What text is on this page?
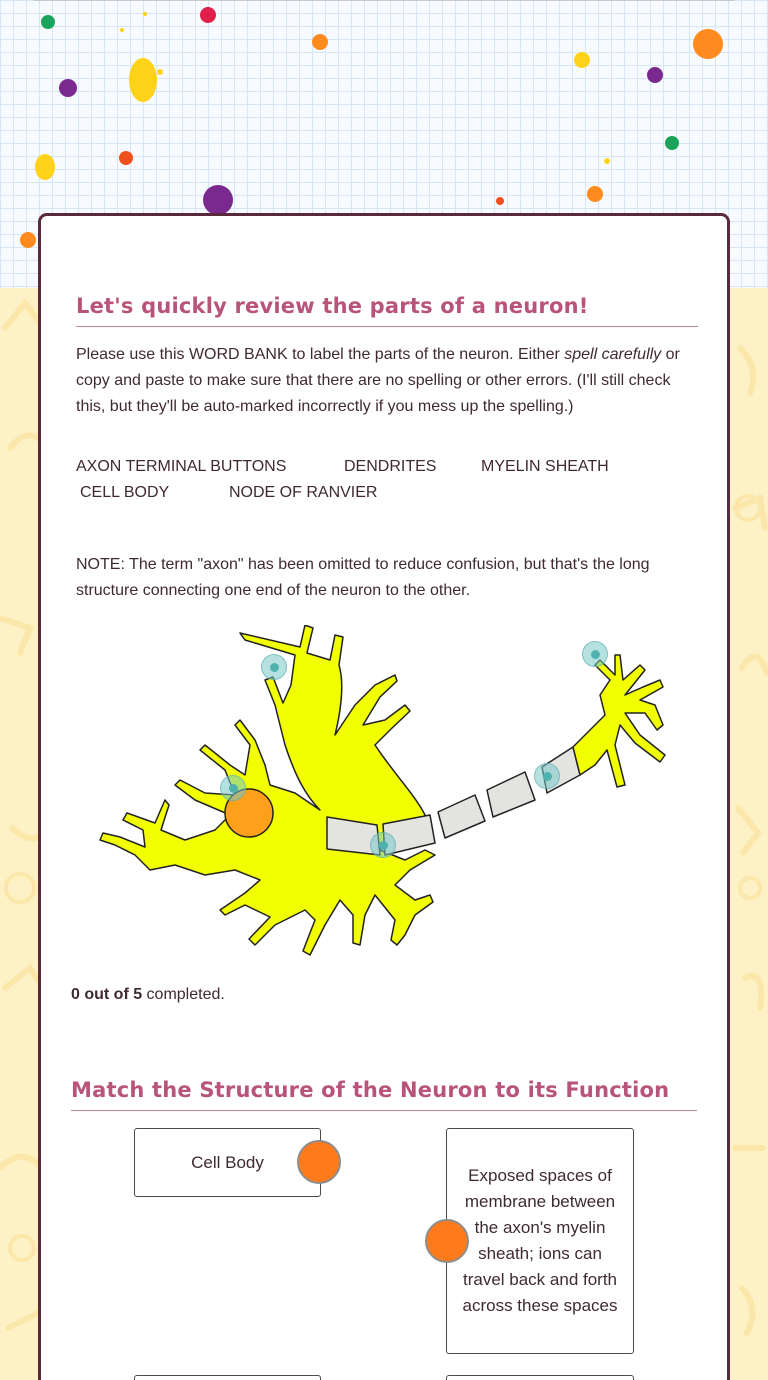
Let's quickly review the parts of a neuron!

Please use this WORD BANK to label the parts of the neuron. Either spell carefully or copy and paste to make sure that there are no spelling or other errors. (I'll still check this, but they'll be auto-marked incorrectly if you mess up the spelling.)

AXON TERMINAL BUTTONS	DENDRITES	MYELIN SHEATH
CELL BODY	NODE OF RANVIER

NOTE: The term "axon" has been omitted to reduce confusion, but that's the long structure connecting one end of the neuron to the other.

0 out of 5 completed.

Match the Structure of the Neuron to its Function
Cell Body
Exposed spaces of membrane between the axon's myelin sheath; ions can travel back and forth across these spaces
